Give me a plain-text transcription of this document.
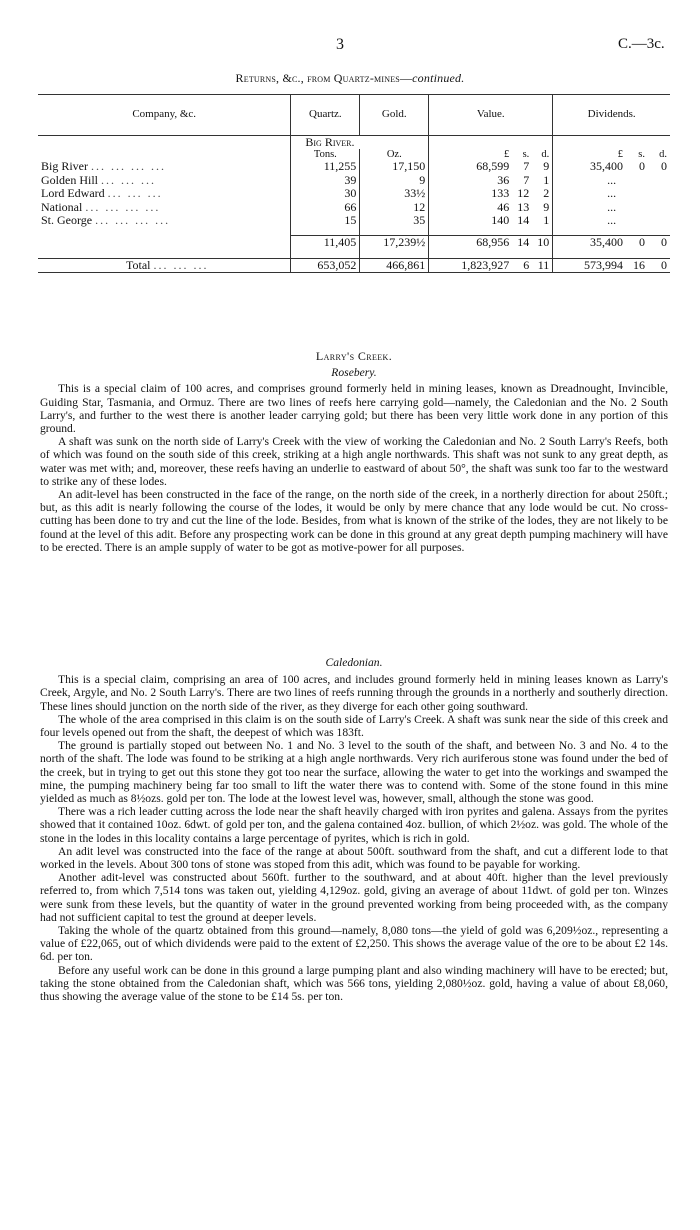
3	C.—3c.
Returns, &c., from Quartz-mines—continued.
Company, &c.	Quartz.	Gold.	Value.	Dividends.
	Big River.			
	Tons.	Oz.	£ s. d.	£ s. d.
Big River ... ... ... ...	11,255	17,150	68,599 7 9	35,400 0 0
Golden Hill ... ... ...	39	9	36 7 1	...
Lord Edward ... ... ...	30	33½	133 12 2	...
National ... ... ... ...	66	12	46 13 9	...
St. George ... ... ... ...	15	35	140 14 1	...

	11,405	17,239½	68,956 14 10	35,400 0 0

Total ... ... ...	653,052	466,861	1,823,927 6 11	573,994 16 0

Larry's Creek.

Rosebery.

This is a special claim of 100 acres, and comprises ground formerly held in mining leases, known as Dreadnought, Invincible, Guiding Star, Tasmania, and Ormuz. There are two lines of reefs here carrying gold—namely, the Caledonian and the No. 2 South Larry's, and further to the west there is another leader carrying gold; but there has been very little work done in any portion of this ground.

A shaft was sunk on the north side of Larry's Creek with the view of working the Caledonian and No. 2 South Larry's Reefs, both of which was found on the south side of this creek, striking at a high angle northwards. This shaft was not sunk to any great depth, as water was met with; and, moreover, these reefs having an underlie to eastward of about 50°, the shaft was sunk too far to the westward to strike any of these lodes.

An adit-level has been constructed in the face of the range, on the north side of the creek, in a northerly direction for about 250ft.; but, as this adit is nearly following the course of the lodes, it would be only by mere chance that any lode would be cut. No cross-cutting has been done to try and cut the line of the lode. Besides, from what is known of the strike of the lodes, they are not likely to be found at the level of this adit. Before any prospecting work can be done in this ground at any great depth pumping machinery will have to be erected. There is an ample supply of water to be got as motive-power for all purposes.

Caledonian.

This is a special claim, comprising an area of 100 acres, and includes ground formerly held in mining leases known as Larry's Creek, Argyle, and No. 2 South Larry's. There are two lines of reefs running through the grounds in a northerly and southerly direction. These lines should junction on the north side of the river, as they diverge for each other going southward.

The whole of the area comprised in this claim is on the south side of Larry's Creek. A shaft was sunk near the side of this creek and four levels opened out from the shaft, the deepest of which was 183ft.

The ground is partially stoped out between No. 1 and No. 3 level to the south of the shaft, and between No. 3 and No. 4 to the north of the shaft. The lode was found to be striking at a high angle northwards. Very rich auriferous stone was found under the bed of the creek, but in trying to get out this stone they got too near the surface, allowing the water to get into the workings and swamped the mine, the pumping machinery being far too small to lift the water there was to contend with. Some of the stone found in this mine yielded as much as 8½ozs. gold per ton. The lode at the lowest level was, however, small, although the stone was good.

There was a rich leader cutting across the lode near the shaft heavily charged with iron pyrites and galena. Assays from the pyrites showed that it contained 10oz. 6dwt. of gold per ton, and the galena contained 4oz. bullion, of which 2½oz. was gold. The whole of the stone in the lodes in this locality contains a large percentage of pyrites, which is rich in gold.

An adit level was constructed into the face of the range at about 500ft. southward from the shaft, and cut a different lode to that worked in the levels. About 300 tons of stone was stoped from this adit, which was found to be payable for working.

Another adit-level was constructed about 560ft. further to the southward, and at about 40ft. higher than the level previously referred to, from which 7,514 tons was taken out, yielding 4,129oz. gold, giving an average of about 11dwt. of gold per ton. Winzes were sunk from these levels, but the quantity of water in the ground prevented working from being proceeded with, as the company had not sufficient capital to test the ground at deeper levels.

Taking the whole of the quartz obtained from this ground—namely, 8,080 tons—the yield of gold was 6,209½oz., representing a value of £22,065, out of which dividends were paid to the extent of £2,250. This shows the average value of the ore to be about £2 14s. 6d. per ton.

Before any useful work can be done in this ground a large pumping plant and also winding machinery will have to be erected; but, taking the stone obtained from the Caledonian shaft, which was 566 tons, yielding 2,080½oz. gold, having a value of about £8,060, thus showing the average value of the stone to be £14 5s. per ton.
